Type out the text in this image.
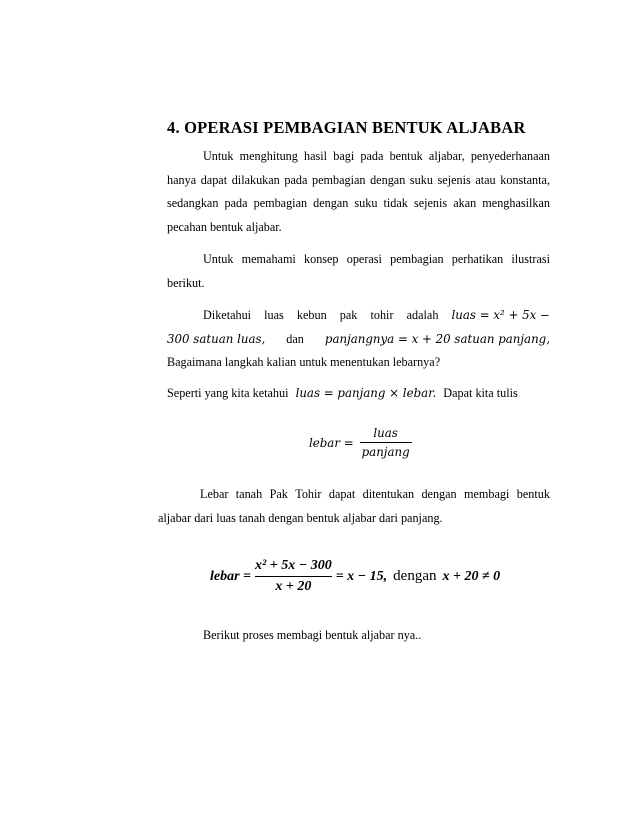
4. OPERASI PEMBAGIAN BENTUK ALJABAR
Untuk menghitung hasil bagi pada bentuk aljabar, penyederhanaan hanya dapat dilakukan pada pembagian dengan suku sejenis atau konstanta, sedangkan pada pembagian dengan suku tidak sejenis akan menghasilkan pecahan bentuk aljabar.
Untuk memahami konsep operasi pembagian perhatikan ilustrasi berikut.
Diketahui luas kebun pak tohir adalah luas = x² + 5x −
300 satuan luas, dan panjangnya = x + 20 satuan panjang,
Bagaimana langkah kalian untuk menentukan lebarnya?
Seperti yang kita ketahui luas = panjang × lebar. Dapat kita tulis
lebar = $\frac{\text{luas}}{\text{panjang}}$
Lebar tanah Pak Tohir dapat ditentukan dengan membagi bentuk
aljabar dari luas tanah dengan bentuk aljabar dari panjang.
lebar =
x² + 5x − 300
x + 20
= x − 15, dengan x + 20 ≠ 0
Berikut proses membagi bentuk aljabar nya..
